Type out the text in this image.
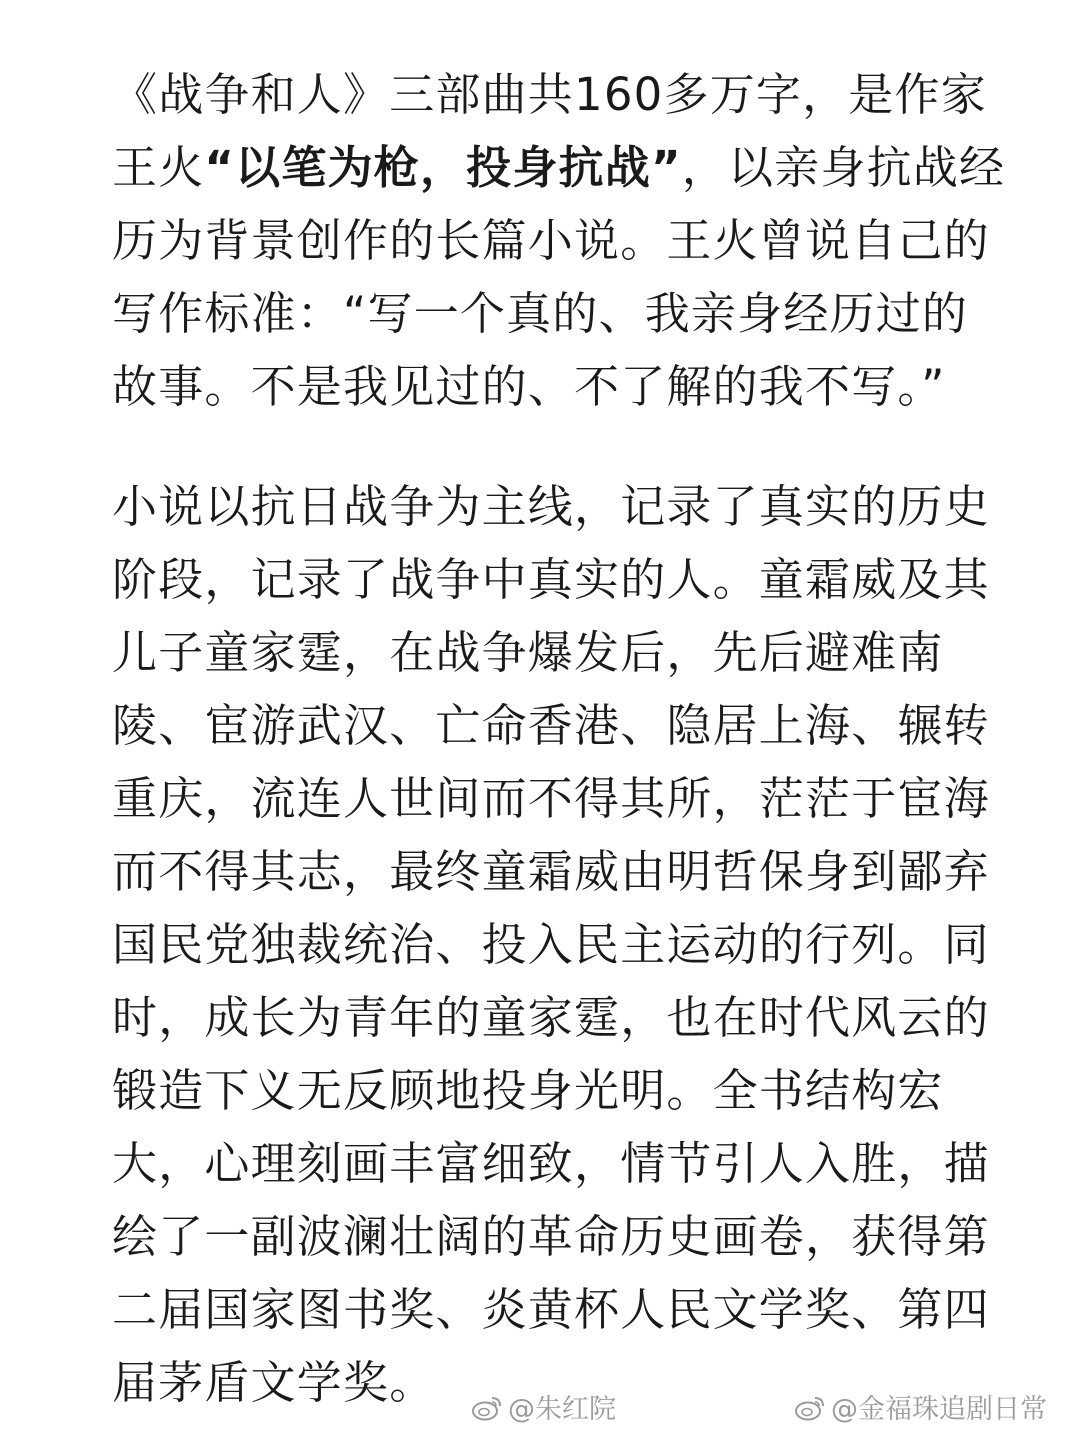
《战争和人》三部曲共160多万字，是作家
王火“以笔为枪，投身抗战”，以亲身抗战经
历为背景创作的长篇小说。王火曾说自己的
写作标准：“写一个真的、我亲身经历过的
故事。不是我见过的、不了解的我不写。”
小说以抗日战争为主线，记录了真实的历史
阶段，记录了战争中真实的人。童霜威及其
儿子童家霆，在战争爆发后，先后避难南
陵、宦游武汉、亡命香港、隐居上海、辗转
重庆，流连人世间而不得其所，茫茫于宦海
而不得其志，最终童霜威由明哲保身到鄙弃
国民党独裁统治、投入民主运动的行列。同
时，成长为青年的童家霆，也在时代风云的
锻造下义无反顾地投身光明。全书结构宏
大，心理刻画丰富细致，情节引人入胜，描
绘了一副波澜壮阔的革命历史画卷，获得第
二届国家图书奖、炎黄杯人民文学奖、第四
届茅盾文学奖。
@朱红院	@金福珠追剧日常
